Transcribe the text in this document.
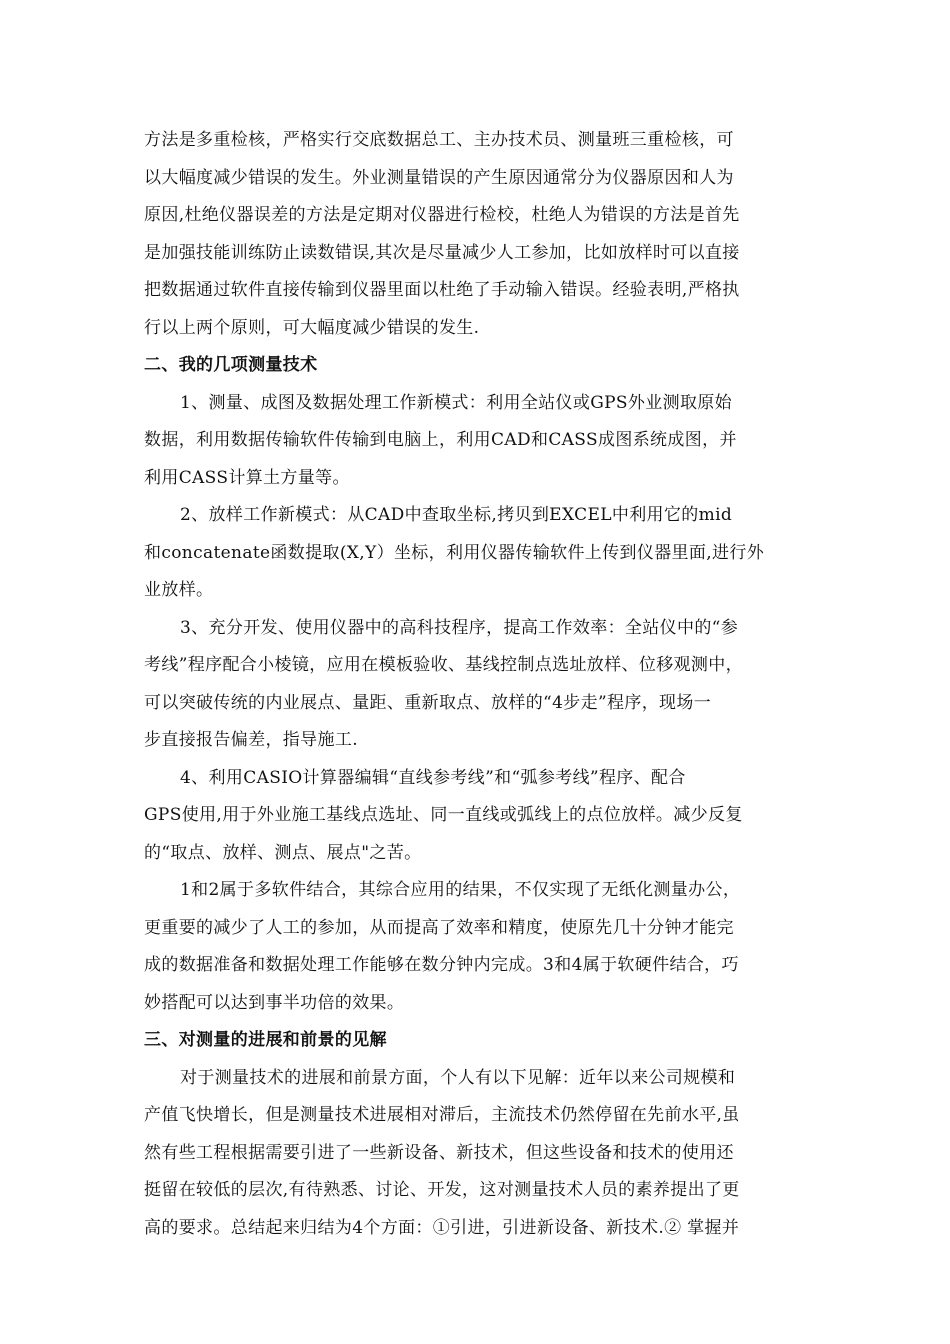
方法是多重检核，严格实行交底数据总工、主办技术员、测量班三重检核，可
以大幅度减少错误的发生。外业测量错误的产生原因通常分为仪器原因和人为
原因,杜绝仪器误差的方法是定期对仪器进行检校，杜绝人为错误的方法是首先
是加强技能训练防止读数错误,其次是尽量减少人工参加，比如放样时可以直接
把数据通过软件直接传输到仪器里面以杜绝了手动输入错误。经验表明,严格执
行以上两个原则，可大幅度减少错误的发生.
二、我的几项测量技术
1、测量、成图及数据处理工作新模式：利用全站仪或GPS外业测取原始
数据，利用数据传输软件传输到电脑上，利用CAD和CASS成图系统成图，并
利用CASS计算土方量等。
2、放样工作新模式：从CAD中查取坐标,拷贝到EXCEL中利用它的mid
和concatenate函数提取(X,Y）坐标，利用仪器传输软件上传到仪器里面,进行外
业放样。
3、充分开发、使用仪器中的高科技程序，提高工作效率：全站仪中的“参
考线”程序配合小棱镜，应用在模板验收、基线控制点选址放样、位移观测中，
可以突破传统的内业展点、量距、重新取点、放样的“4步走”程序，现场一
步直接报告偏差，指导施工.
4、利用CASIO计算器编辑“直线参考线”和“弧参考线”程序、配合
GPS使用,用于外业施工基线点选址、同一直线或弧线上的点位放样。减少反复
的“取点、放样、测点、展点"之苦。
1和2属于多软件结合，其综合应用的结果，不仅实现了无纸化测量办公，
更重要的减少了人工的参加，从而提高了效率和精度，使原先几十分钟才能完
成的数据准备和数据处理工作能够在数分钟内完成。3和4属于软硬件结合，巧
妙搭配可以达到事半功倍的效果。
三、对测量的进展和前景的见解
对于测量技术的进展和前景方面，个人有以下见解：近年以来公司规模和
产值飞快增长，但是测量技术进展相对滞后，主流技术仍然停留在先前水平,虽
然有些工程根据需要引进了一些新设备、新技术，但这些设备和技术的使用还
挺留在较低的层次,有待熟悉、讨论、开发，这对测量技术人员的素养提出了更
高的要求。总结起来归结为4个方面：①引进，引进新设备、新技术.② 掌握并
